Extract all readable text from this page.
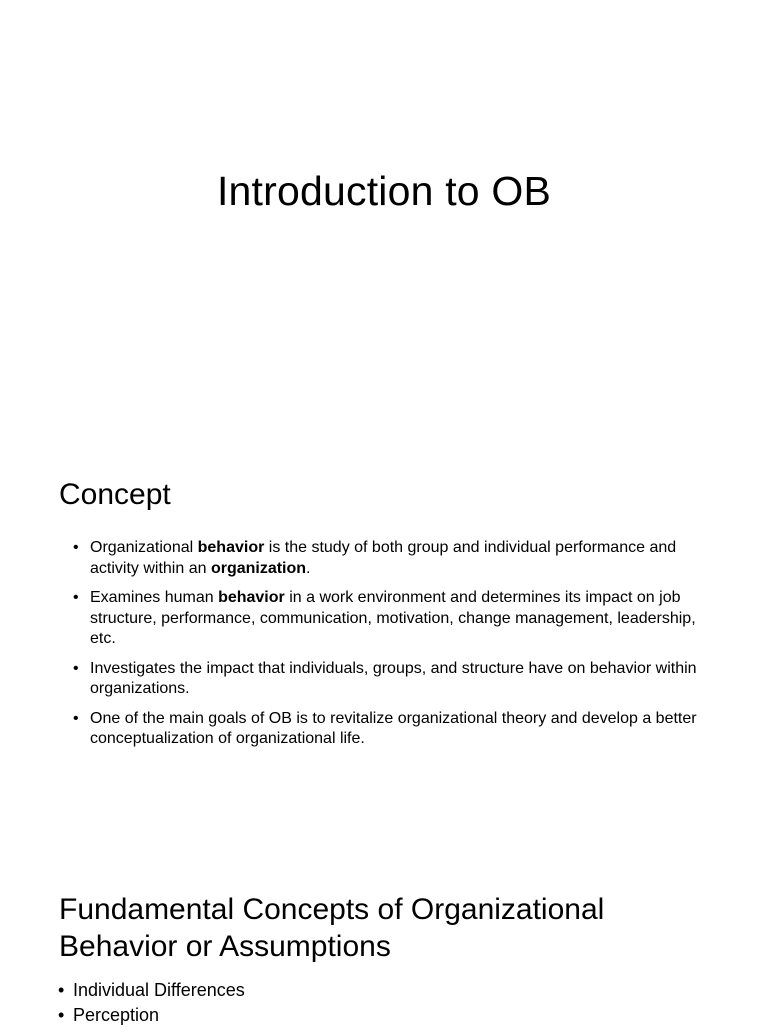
Introduction to OB
Concept
• Organizational behavior is the study of both group and individual performance and activity within an organization.
• Examines human behavior in a work environment and determines its impact on job structure, performance, communication, motivation, change management, leadership, etc.
• Investigates the impact that individuals, groups, and structure have on behavior within organizations.
• One of the main goals of OB is to revitalize organizational theory and develop a better conceptualization of organizational life.
Fundamental Concepts of Organizational Behavior or Assumptions
• Individual Differences
• Perception
